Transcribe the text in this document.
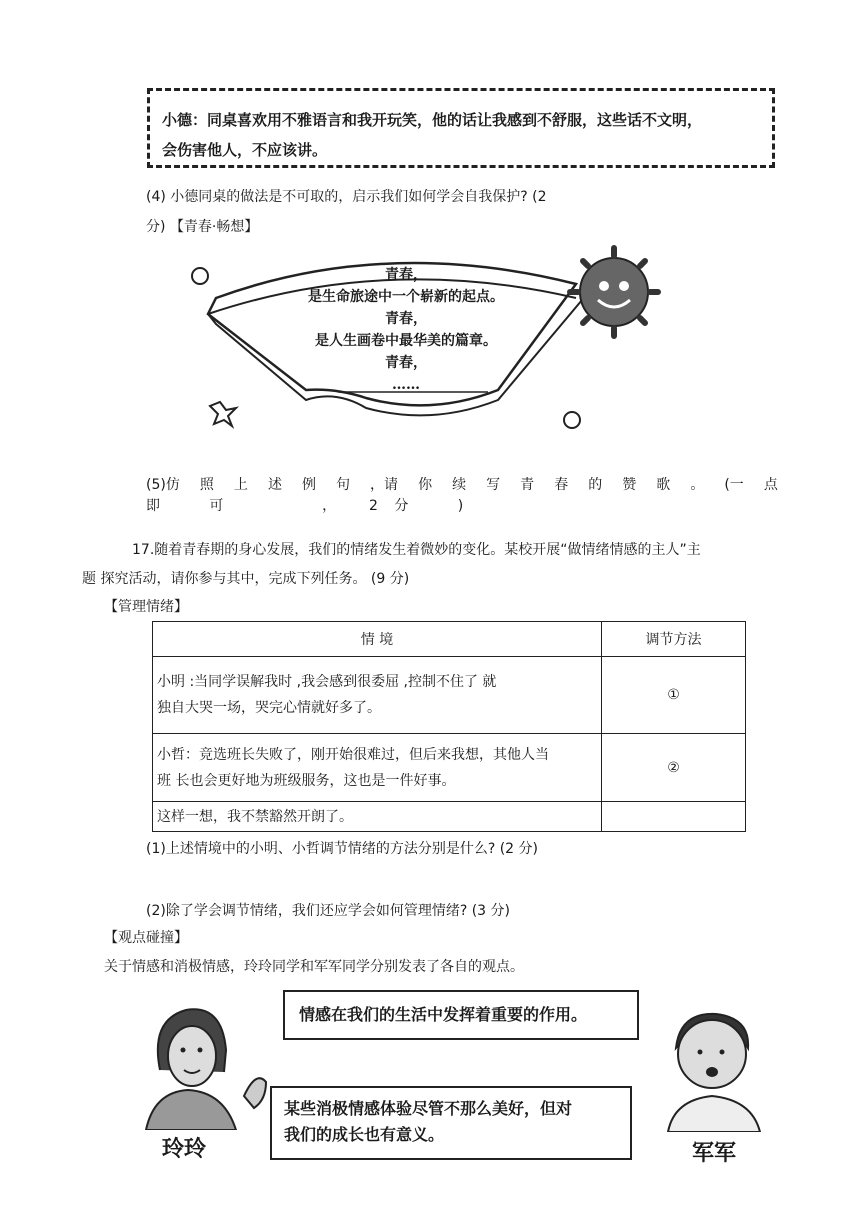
小德：同桌喜欢用不雅语言和我开玩笑，他的话让我感到不舒服，这些话不文明，
会伤害他人，不应该讲。
(4) 小德同桌的做法是不可取的，启示我们如何学会自我保护? (2
分) 【青春·畅想】
青春，
是生命旅途中一个崭新的起点。
青春，
是人生画卷中最华美的篇章。
青春，
……
(5)仿 照 上 述 例 句 ，请 你 续 写 青 春 的 赞 歌 。 (一 点
即	可	， 2 分	)
17.随着青春期的身心发展，我们的情绪发生着微妙的变化。某校开展“做情绪情感的主人”主
题 探究活动，请你参与其中，完成下列任务。 (9 分)
【管理情绪】
情 境	调节方法

小明 :当同学误解我时 ,我会感到很委屈 ,控制不住了 就
独自大哭一场，哭完心情就好多了。	①

小哲：竞选班长失败了，刚开始很难过，但后来我想，其他人当
班 长也会更好地为班级服务，这也是一件好事。	②
这样一想，我不禁豁然开朗了。	
(1)上述情境中的小明、小哲调节情绪的方法分别是什么? (2 分)
(2)除了学会调节情绪，我们还应学会如何管理情绪? (3 分)
【观点碰撞】
关于情感和消极情感，玲玲同学和军军同学分别发表了各自的观点。
玲玲
情感在我们的生活中发挥着重要的作用。
某些消极情感体验尽管不那么美好，但对
我们的成长也有意义。
军军
